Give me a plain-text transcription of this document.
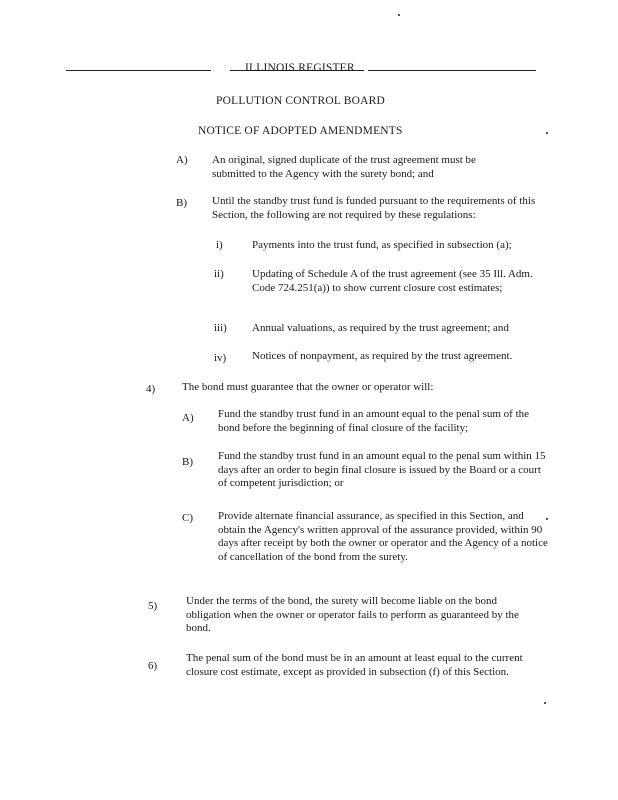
ILLINOIS REGISTER
POLLUTION CONTROL BOARD
NOTICE OF ADOPTED AMENDMENTS
A) An original, signed duplicate of the trust agreement must be submitted to the Agency with the surety bond; and
B) Until the standby trust fund is funded pursuant to the requirements of this Section, the following are not required by these regulations:
i)	Payments into the trust fund, as specified in subsection (a);
ii)	Updating of Schedule A of the trust agreement (see 35 Ill. Adm. Code 724.251(a)) to show current closure cost estimates;
iii) Annual valuations, as required by the trust agreement; and
iv) Notices of nonpayment, as required by the trust agreement.
4) The bond must guarantee that the owner or operator will:
A) Fund the standby trust fund in an amount equal to the penal sum of the bond before the beginning of final closure of the facility;
B) Fund the standby trust fund in an amount equal to the penal sum within 15 days after an order to begin final closure is issued by the Board or a court of competent jurisdiction; or
C) Provide alternate financial assurance, as specified in this Section, and obtain the Agency's written approval of the assurance provided, within 90 days after receipt by both the owner or operator and the Agency of a notice of cancellation of the bond from the surety.
5)	Under the terms of the bond, the surety will become liable on the bond obligation when the owner or operator fails to perform as guaranteed by the bond.
6)
The penal sum of the bond must be in an amount at least equal to the current closure cost estimate, except as provided in subsection (f) of this Section.
